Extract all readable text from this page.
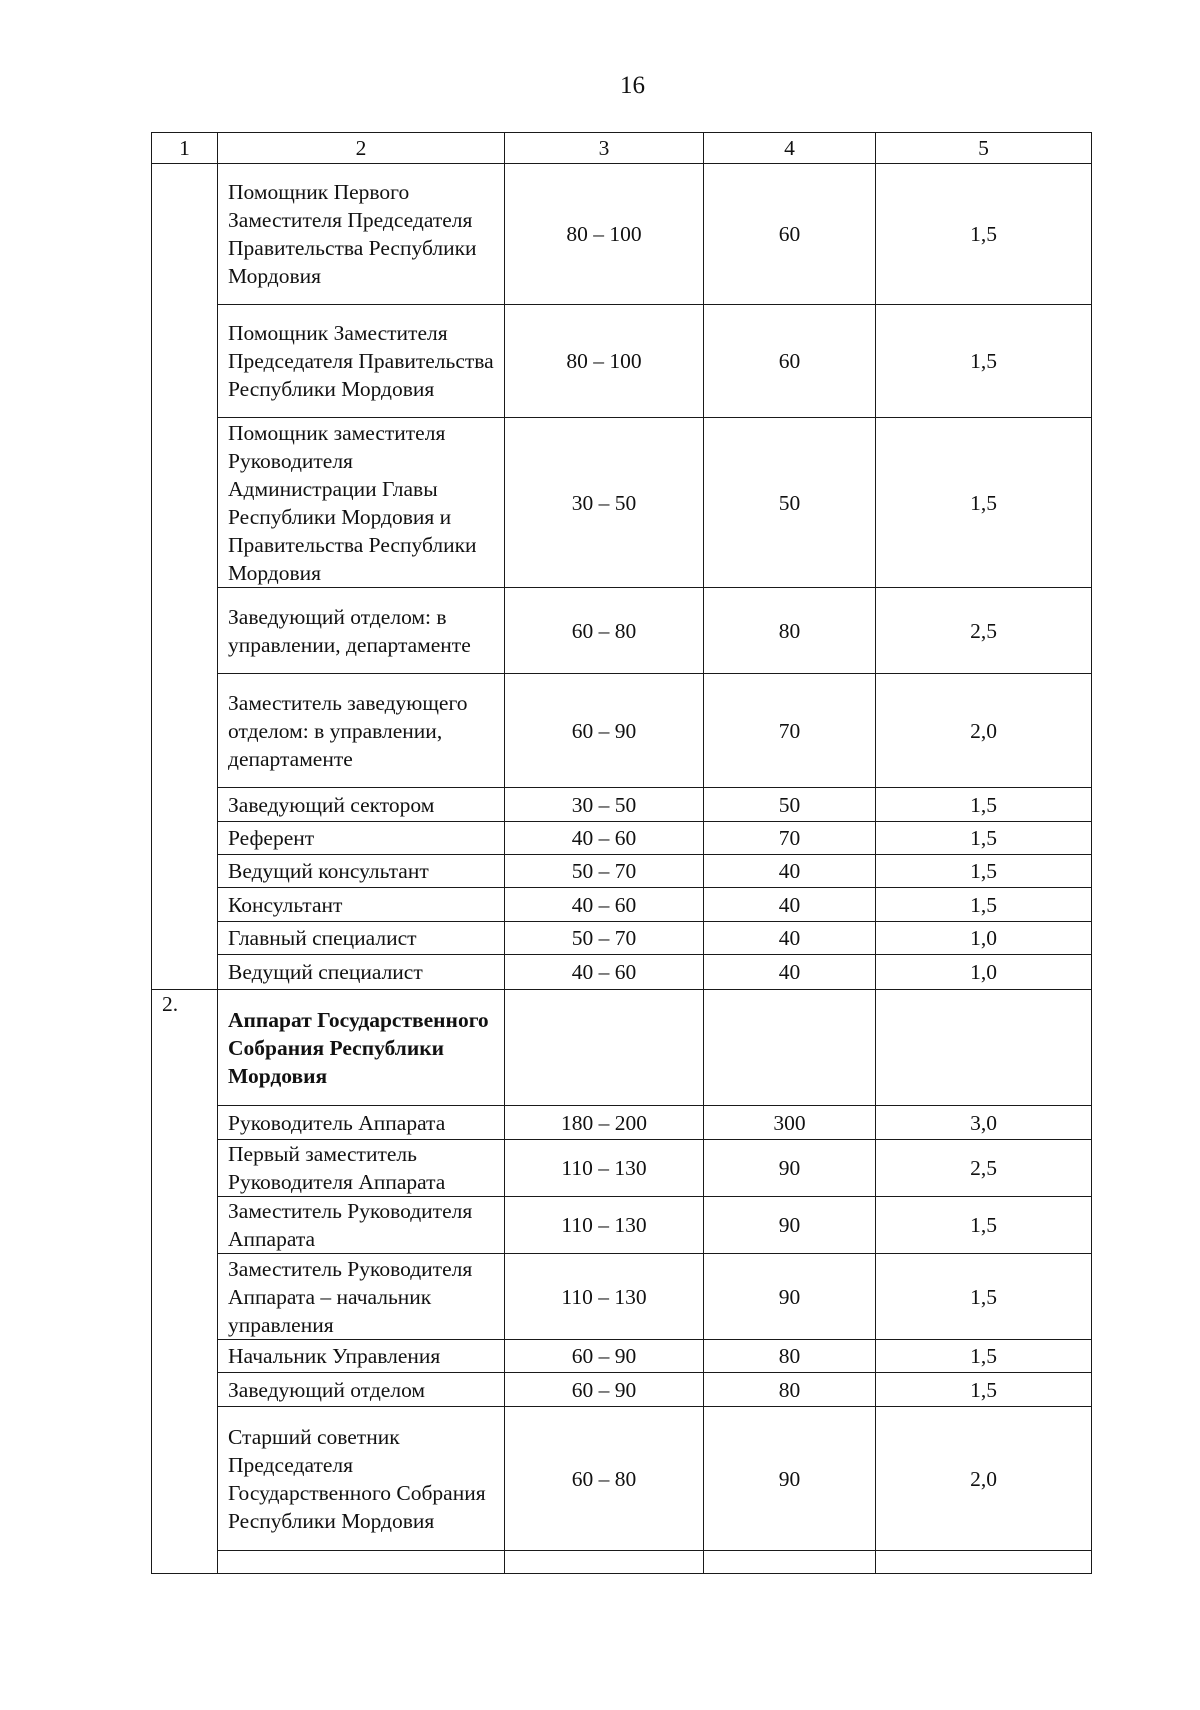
16
1	2	3	4	5
	Помощник Первого Заместителя Председателя Правительства Республики Мордовия	80 – 100	60	1,5
	Помощник Заместителя Председателя Правительства Республики Мордовия	80 – 100	60	1,5
	Помощник заместителя Руководителя Администрации Главы Республики Мордовия и Правительства Республики Мордовия	30 – 50	50	1,5
	Заведующий отделом: в управлении, департаменте	60 – 80	80	2,5
	Заместитель заведующего отделом: в управлении, департаменте	60 – 90	70	2,0
	Заведующий сектором	30 – 50	50	1,5
	Референт	40 – 60	70	1,5
	Ведущий консультант	50 – 70	40	1,5
	Консультант	40 – 60	40	1,5
	Главный специалист	50 – 70	40	1,0
	Ведущий специалист	40 – 60	40	1,0
2.	Аппарат Государственного Собрания Республики Мордовия			
	Руководитель Аппарата	180 – 200	300	3,0
	Первый заместитель Руководителя Аппарата	110 – 130	90	2,5
	Заместитель Руководителя Аппарата	110 – 130	90	1,5
	Заместитель Руководителя Аппарата – начальник управления	110 – 130	90	1,5
	Начальник Управления	60 – 90	80	1,5
	Заведующий отделом	60 – 90	80	1,5
	Старший советник Председателя Государственного Собрания Республики Мордовия	60 – 80	90	2,0
